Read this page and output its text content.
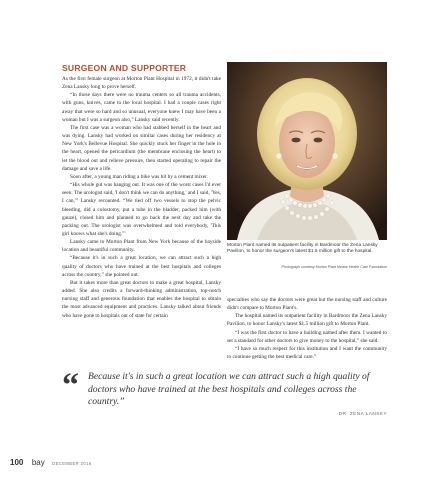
SURGEON AND SUPPORTER

As the first female surgeon at Morton Plant Hospital in 1972, it didn't take Zena Lansky long to prove herself.

“In those days there were no trauma centers so all trauma accidents, with guns, knives, came to the local hospital. I had a couple cases right away that were so hard and so unusual, everyone knew I may have been a woman but I was a surgeon also,” Lansky said recently.

The first case was a woman who had stabbed herself in the heart and was dying. Lansky had worked on similar cases during her residency at New York's Bellevue Hospital. She quickly stuck her finger in the hole in the heart, opened the pericardium (the membrane enclosing the heart) to let the blood out and relieve pressure, then started operating to repair the damage and save a life.

Soon after, a young man riding a bike was hit by a cement mixer.

“His whole gut was hanging out. It was one of the worst cases I'd ever seen. The urologist said, 'I don't think we can do anything,' and I said, 'Yes, I can,'” Lansky recounted. “We tied off two vessels to stop the pelvic bleeding, did a colostomy, put a tube in the bladder, packed him (with gauze), closed him and planned to go back the next day and take the packing out. The urologist was overwhelmed and told everybody, 'This girl knows what she's doing.'”

Lansky came to Morton Plant from New York because of the bayside location and beautiful community.

“Because it's in such a great location, we can attract such a high quality of doctors who have trained at the best hospitals and colleges across the country,” she pointed out.

But it takes more than great doctors to make a great hospital, Lansky added. She also credits a forward-thinking administration, top-notch nursing staff and generous foundation that enables the hospital to obtain the most advanced equipment and practices. Lansky talked about friends who have gone to hospitals out of state for certain

Morton Plant named its outpatient facility in Bardmoor the Zena Lansky Pavilion, to honor the surgeon's latest $1.5 million gift to the hospital.
Photograph courtesy Morton Plant Mease Health Care Foundation

specialties who say the doctors were great but the nursing staff and culture didn't compare to Morton Plant's.

The hospital named its outpatient facility in Bardmoor the Zena Lansky Pavilion, to honor Lansky's latest $1.5 million gift to Morton Plant.

“I was the first doctor to have a building named after them. I wanted to set a standard for other doctors to give money to the hospital,” she said.

“I have so much respect for this institution and I want the community to continue getting the best medical care.”

“ Because it's in such a great location we can attract such a high quality of doctors who have trained at the best hospitals and colleges across the country.”

DR. ZENA LANSKY

100 bay DECEMBER 2016
